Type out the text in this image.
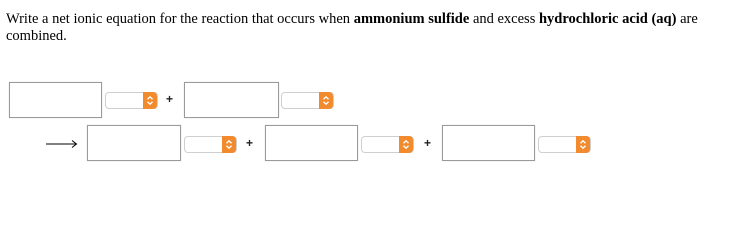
Write a net ionic equation for the reaction that occurs when ammonium sulfide and excess hydrochloric acid (aq) are combined.
+
+	+
